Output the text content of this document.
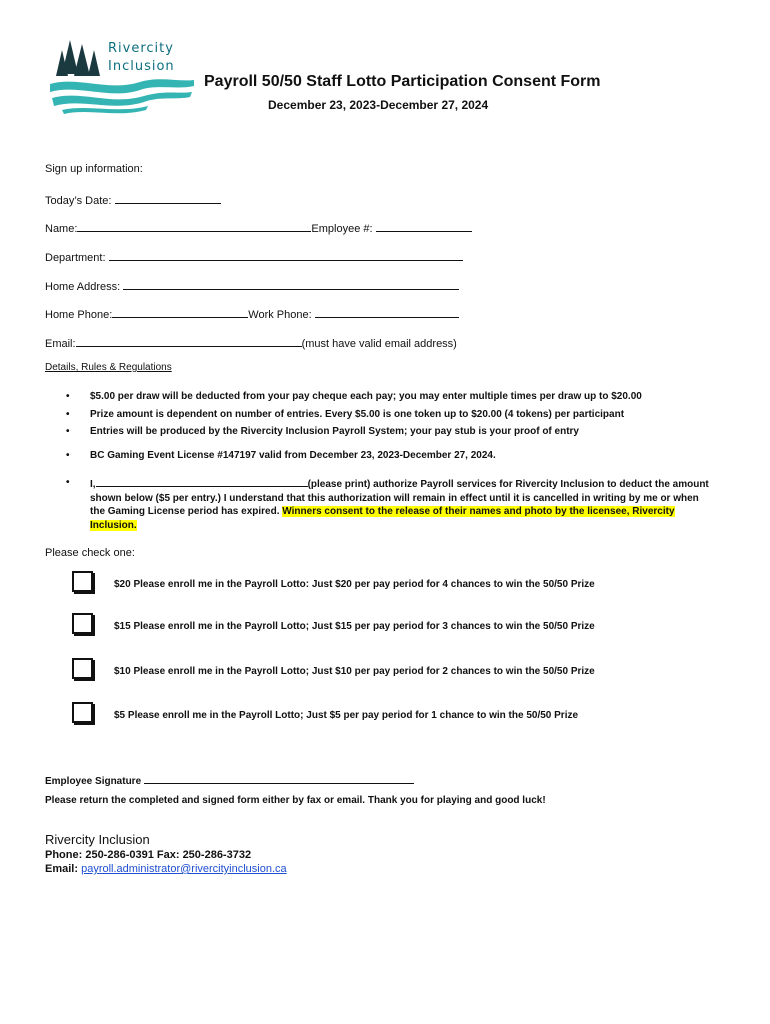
Rivercity
Inclusion
Payroll 50/50 Staff Lotto Participation Consent Form
December 23, 2023-December 27, 2024
Sign up information:
Today’s Date:
Name:	Employee #:
Department:
Home Address:
Home Phone:	Work Phone:
Email:	(must have valid email address)
Details, Rules & Regulations
• $5.00 per draw will be deducted from your pay cheque each pay; you may enter multiple times per draw up to $20.00
• Prize amount is dependent on number of entries. Every $5.00 is one token up to $20.00 (4 tokens) per participant
• Entries will be produced by the Rivercity Inclusion Payroll System; your pay stub is your proof of entry
• BC Gaming Event License #147197 valid from December 23, 2023-December 27, 2024.
• I,	(please print) authorize Payroll services for Rivercity Inclusion to deduct the amount shown below ($5 per entry.) I understand that this authorization will remain in effect until it is cancelled in writing by me or when the Gaming License period has expired. Winners consent to the release of their names and photo by the licensee, Rivercity Inclusion.
Please check one:
$20 Please enroll me in the Payroll Lotto: Just $20 per pay period for 4 chances to win the 50/50 Prize
$15 Please enroll me in the Payroll Lotto; Just $15 per pay period for 3 chances to win the 50/50 Prize
$10 Please enroll me in the Payroll Lotto; Just $10 per pay period for 2 chances to win the 50/50 Prize
$5 Please enroll me in the Payroll Lotto; Just $5 per pay period for 1 chance to win the 50/50 Prize
Employee Signature
Please return the completed and signed form either by fax or email. Thank you for playing and good luck!
Rivercity Inclusion
Phone: 250-286-0391 Fax: 250-286-3732
Email: payroll.administrator@rivercityinclusion.ca
